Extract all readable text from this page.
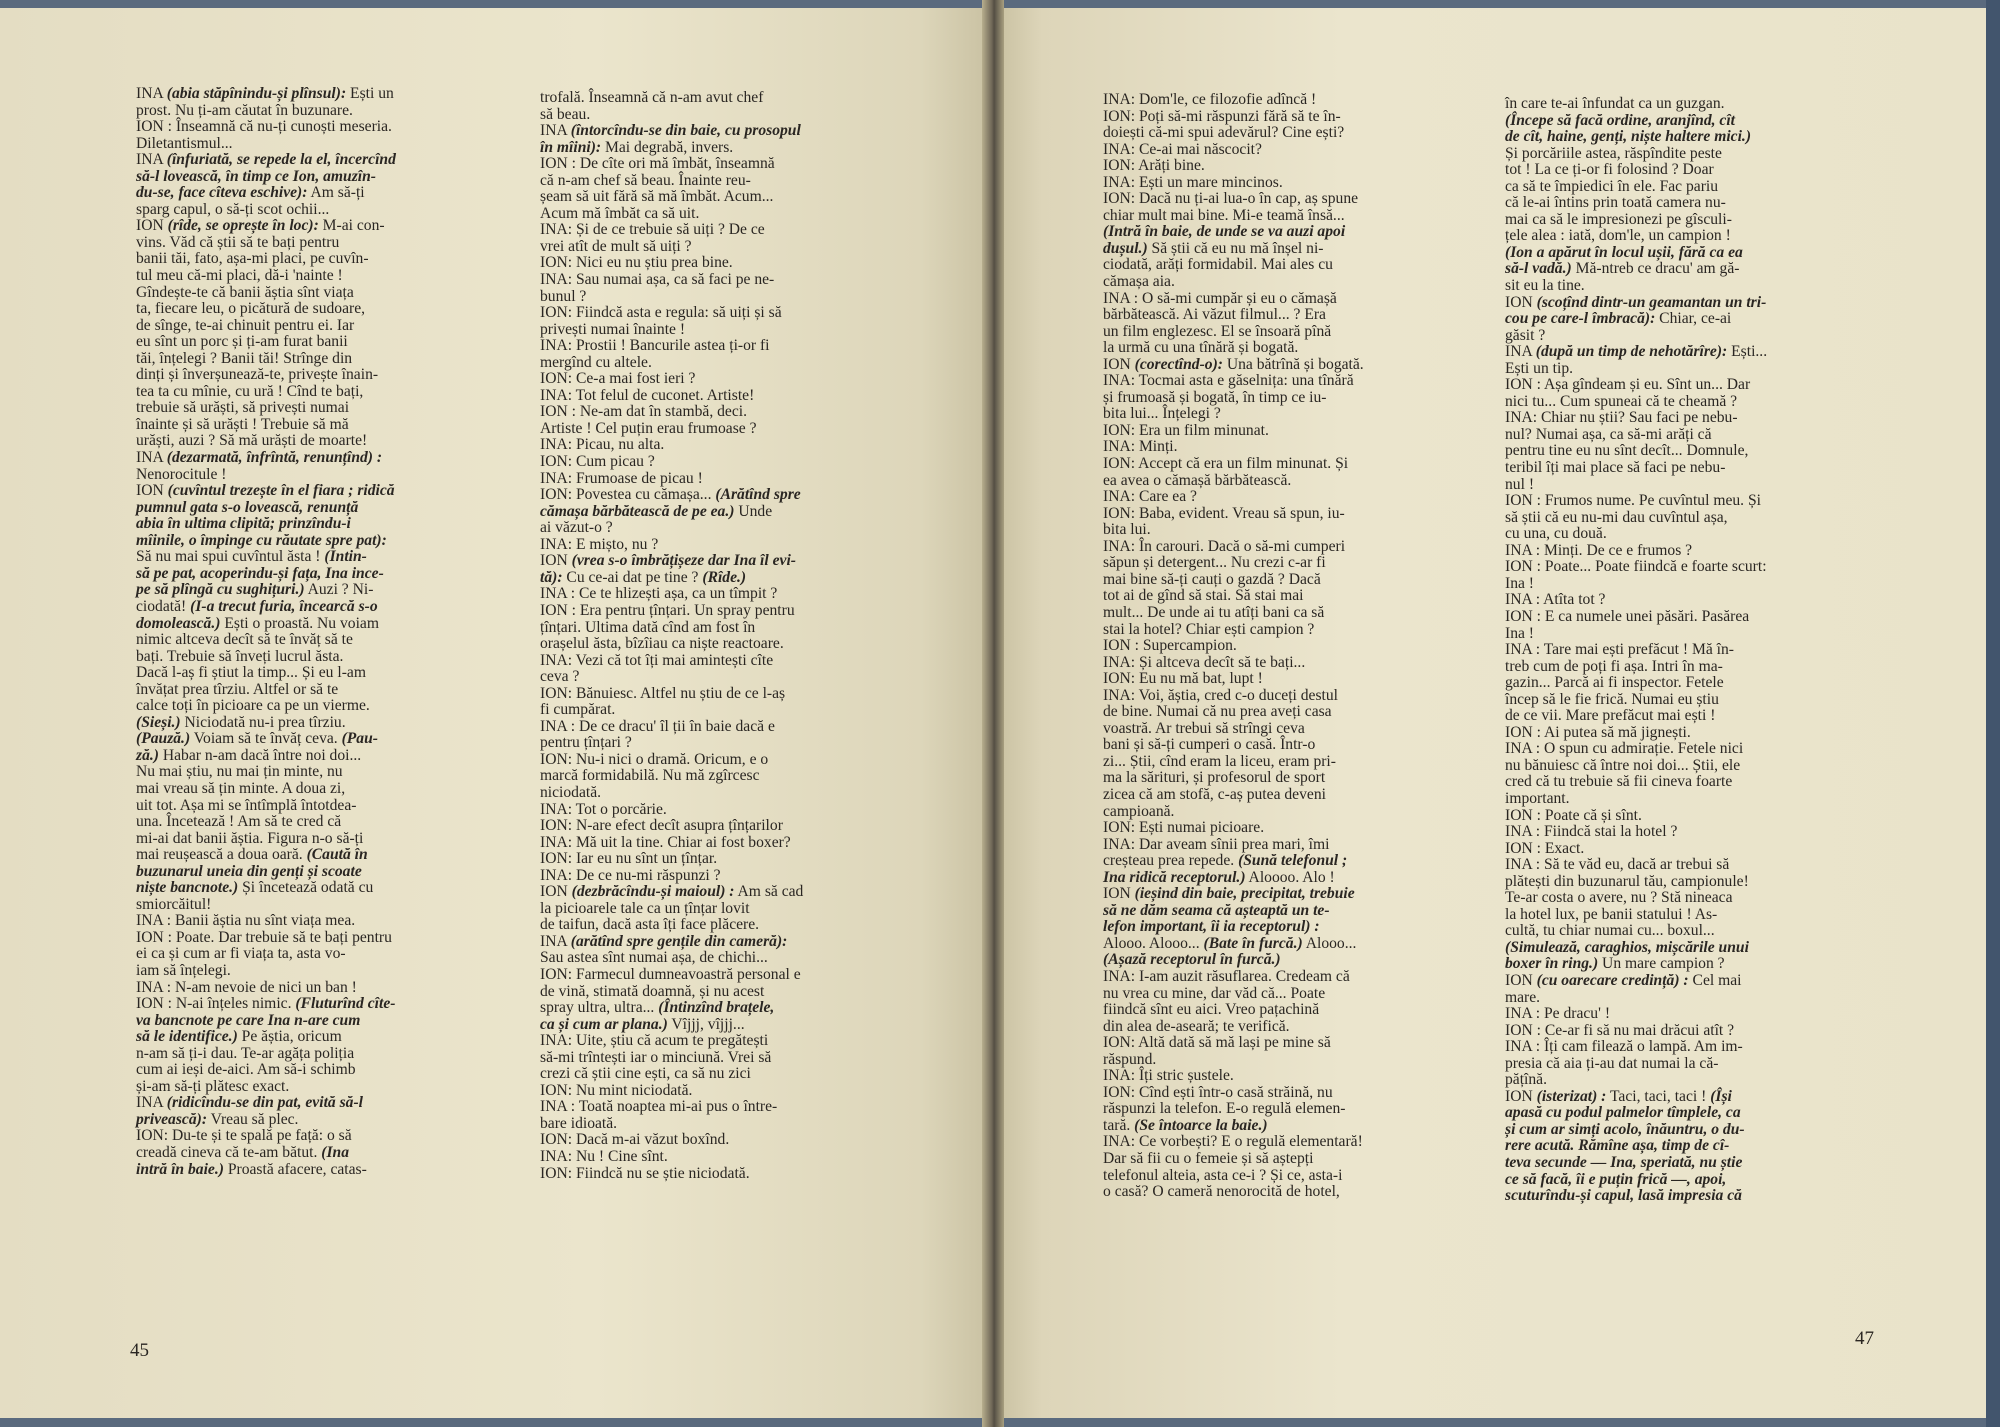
INA (abia stăpînindu-și plînsul): Ești un

prost. Nu ți-am căutat în buzunare.

ION : Înseamnă că nu-ți cunoști meseria.

Diletantismul...

INA (înfuriată, se repede la el, încercînd

să-l lovească, în timp ce Ion, amuzîn-

du-se, face cîteva eschive): Am să-ți

sparg capul, o să-ți scot ochii...

ION (rîde, se oprește în loc): M-ai con-

vins. Văd că știi să te bați pentru

banii tăi, fato, așa-mi placi, pe cuvîn-

tul meu că-mi placi, dă-i 'nainte !

Gîndește-te că banii ăștia sînt viața

ta, fiecare leu, o picătură de sudoare,

de sînge, te-ai chinuit pentru ei. Iar

eu sînt un porc și ți-am furat banii

tăi, înțelegi ? Banii tăi! Strînge din

dinți și înverșunează-te, privește înain-

tea ta cu mînie, cu ură ! Cînd te bați,

trebuie să urăști, să privești numai

înainte și să urăști ! Trebuie să mă

urăști, auzi ? Să mă urăști de moarte!

INA (dezarmată, înfrîntă, renunțînd) :

Nenorocitule !

ION (cuvîntul trezește în el fiara ; ridică

pumnul gata s-o lovească, renunță

abia în ultima clipită; prinzîndu-i

mîinile, o împinge cu răutate spre pat):

Să nu mai spui cuvîntul ăsta ! (Intin-

să pe pat, acoperindu-și fața, Ina ince-

pe să plîngă cu sughițuri.) Auzi ? Ni-

ciodată! (I-a trecut furia, încearcă s-o

domolească.) Ești o proastă. Nu voiam

nimic altceva decît să te învăț să te

bați. Trebuie să înveți lucrul ăsta.

Dacă l-aș fi știut la timp... Și eu l-am

învățat prea tîrziu. Altfel or să te

calce toți în picioare ca pe un vierme.

(Sieși.) Niciodată nu-i prea tîrziu.

(Pauză.) Voiam să te învăț ceva. (Pau-

ză.) Habar n-am dacă între noi doi...

Nu mai știu, nu mai țin minte, nu

mai vreau să țin minte. A doua zi,

uit tot. Așa mi se întîmplă întotdea-

una. Încetează ! Am să te cred că

mi-ai dat banii ăștia. Figura n-o să-ți

mai reușească a doua oară. (Caută în

buzunarul uneia din genți și scoate

niște bancnote.) Și încetează odată cu

smiorcăitul!

INA : Banii ăștia nu sînt viața mea.

ION : Poate. Dar trebuie să te bați pentru

ei ca și cum ar fi viața ta, asta vo-

iam să înțelegi.

INA : N-am nevoie de nici un ban !

ION : N-ai înțeles nimic. (Fluturînd cîte-

va bancnote pe care Ina n-are cum

să le identifice.) Pe ăștia, oricum

n-am să ți-i dau. Te-ar agăța poliția

cum ai ieși de-aici. Am să-i schimb

și-am să-ți plătesc exact.

INA (ridicîndu-se din pat, evită să-l

privească): Vreau să plec.

ION: Du-te și te spală pe față: o să

creadă cineva că te-am bătut. (Ina

intră în baie.) Proastă afacere, catas-

trofală. Înseamnă că n-am avut chef

să beau.

INA (întorcîndu-se din baie, cu prosopul

în mîini): Mai degrabă, invers.

ION : De cîte ori mă îmbăt, înseamnă

că n-am chef să beau. Înainte reu-

șeam să uit fără să mă îmbăt. Acum...

Acum mă îmbăt ca să uit.

INA: Și de ce trebuie să uiți ? De ce

vrei atît de mult să uiți ?

ION: Nici eu nu știu prea bine.

INA: Sau numai așa, ca să faci pe ne-

bunul ?

ION: Fiindcă asta e regula: să uiți și să

privești numai înainte !

INA: Prostii ! Bancurile astea ți-or fi

mergînd cu altele.

ION: Ce-a mai fost ieri ?

INA: Tot felul de cuconet. Artiste!

ION : Ne-am dat în stambă, deci.

Artiste ! Cel puțin erau frumoase ?

INA: Picau, nu alta.

ION: Cum picau ?

INA: Frumoase de picau !

ION: Povestea cu cămașa... (Arătînd spre

cămașa bărbătească de pe ea.) Unde

ai văzut-o ?

INA: E mișto, nu ?

ION (vrea s-o îmbrățișeze dar Ina îl evi-

tă): Cu ce-ai dat pe tine ? (Rîde.)

INA : Ce te hlizești așa, ca un tîmpit ?

ION : Era pentru țînțari. Un spray pentru

țînțari. Ultima dată cînd am fost în

orașelul ăsta, bîzîiau ca niște reactoare.

INA: Vezi că tot îți mai amintești cîte

ceva ?

ION: Bănuiesc. Altfel nu știu de ce l-aș

fi cumpărat.

INA : De ce dracu' îl ții în baie dacă e

pentru țînțari ?

ION: Nu-i nici o dramă. Oricum, e o

marcă formidabilă. Nu mă zgîrcesc

niciodată.

INA: Tot o porcărie.

ION: N-are efect decît asupra țînțarilor

INA: Mă uit la tine. Chiar ai fost boxer?

ION: Iar eu nu sînt un țînțar.

INA: De ce nu-mi răspunzi ?

ION (dezbrăcîndu-și maioul) : Am să cad

la picioarele tale ca un țînțar lovit

de taifun, dacă asta îți face plăcere.

INA (arătînd spre gențile din cameră):

Sau astea sînt numai așa, de chichi...

ION: Farmecul dumneavoastră personal e

de vină, stimată doamnă, și nu acest

spray ultra, ultra... (Întinzînd brațele,

ca și cum ar plana.) Vîjjj, vîjjj...

INA: Uite, știu că acum te pregătești

să-mi trîntești iar o minciună. Vrei să

crezi că știi cine ești, ca să nu zici

ION: Nu mint niciodată.

INA : Toată noaptea mi-ai pus o între-

bare idioată.

ION: Dacă m-ai văzut boxînd.

INA: Nu ! Cine sînt.

ION: Fiindcă nu se știe niciodată.

INA: Dom'le, ce filozofie adîncă !

ION: Poți să-mi răspunzi fără să te în-

doiești că-mi spui adevărul? Cine ești?

INA: Ce-ai mai născocit?

ION: Arăți bine.

INA: Ești un mare mincinos.

ION: Dacă nu ți-ai lua-o în cap, aș spune

chiar mult mai bine. Mi-e teamă însă...

(Intră în baie, de unde se va auzi apoi

dușul.) Să știi că eu nu mă înșel ni-

ciodată, arăți formidabil. Mai ales cu

cămașa aia.

INA : O să-mi cumpăr și eu o cămașă

bărbătească. Ai văzut filmul... ? Era

un film englezesc. El se însoară pînă

la urmă cu una tînără și bogată.

ION (corectînd-o): Una bătrînă și bogată.

INA: Tocmai asta e găselnița: una tînără

și frumoasă și bogată, în timp ce iu-

bita lui... Înțelegi ?

ION: Era un film minunat.

INA: Minți.

ION: Accept că era un film minunat. Și

ea avea o cămașă bărbătească.

INA: Care ea ?

ION: Baba, evident. Vreau să spun, iu-

bita lui.

INA: În carouri. Dacă o să-mi cumperi

săpun și detergent... Nu crezi c-ar fi

mai bine să-ți cauți o gazdă ? Dacă

tot ai de gînd să stai. Să stai mai

mult... De unde ai tu atîți bani ca să

stai la hotel? Chiar ești campion ?

ION : Supercampion.

INA: Și altceva decît să te bați...

ION: Eu nu mă bat, lupt !

INA: Voi, ăștia, cred c-o duceți destul

de bine. Numai că nu prea aveți casa

voastră. Ar trebui să strîngi ceva

bani și să-ți cumperi o casă. Într-o

zi... Știi, cînd eram la liceu, eram pri-

ma la sărituri, și profesorul de sport

zicea că am stofă, c-aș putea deveni

campioană.

ION: Ești numai picioare.

INA: Dar aveam sînii prea mari, îmi

creșteau prea repede. (Sună telefonul ;

Ina ridică receptorul.) Aloooo. Alo !

ION (ieșind din baie, precipitat, trebuie

să ne dăm seama că așteaptă un te-

lefon important, îi ia receptorul) :

Alooo. Alooo... (Bate în furcă.) Alooo...

(Așază receptorul în furcă.)

INA: I-am auzit răsuflarea. Credeam că

nu vrea cu mine, dar văd că... Poate

fiindcă sînt eu aici. Vreo pațachină

din alea de-aseară; te verifică.

ION: Altă dată să mă lași pe mine să

răspund.

INA: Îți stric șustele.

ION: Cînd ești într-o casă străină, nu

răspunzi la telefon. E-o regulă elemen-

tară. (Se întoarce la baie.)

INA: Ce vorbești? E o regulă elementară!

Dar să fii cu o femeie și să aștepți

telefonul alteia, asta ce-i ? Și ce, asta-i

o casă? O cameră nenorocită de hotel,

în care te-ai înfundat ca un guzgan.

(Începe să facă ordine, aranjînd, cît

de cît, haine, genți, niște haltere mici.)

Și porcăriile astea, răspîndite peste

tot ! La ce ți-or fi folosind ? Doar

ca să te împiedici în ele. Fac pariu

că le-ai întins prin toată camera nu-

mai ca să le impresionezi pe gîsculi-

țele alea : iată, dom'le, un campion !

(Ion a apărut în locul ușii, fără ca ea

să-l vadă.) Mă-ntreb ce dracu' am gă-

sit eu la tine.

ION (scoțînd dintr-un geamantan un tri-

cou pe care-l îmbracă): Chiar, ce-ai

găsit ?

INA (după un timp de nehotărîre): Ești...

Ești un tip.

ION : Așa gîndeam și eu. Sînt un... Dar

nici tu... Cum spuneai că te cheamă ?

INA: Chiar nu știi? Sau faci pe nebu-

nul? Numai așa, ca să-mi arăți că

pentru tine eu nu sînt decît... Domnule,

teribil îți mai place să faci pe nebu-

nul !

ION : Frumos nume. Pe cuvîntul meu. Și

să știi că eu nu-mi dau cuvîntul așa,

cu una, cu două.

INA : Minți. De ce e frumos ?

ION : Poate... Poate fiindcă e foarte scurt:

Ina !

INA : Atîta tot ?

ION : E ca numele unei păsări. Pasărea

Ina !

INA : Tare mai ești prefăcut ! Mă în-

treb cum de poți fi așa. Intri în ma-

gazin... Parcă ai fi inspector. Fetele

încep să le fie frică. Numai eu știu

de ce vii. Mare prefăcut mai ești !

ION : Ai putea să mă jignești.

INA : O spun cu admirație. Fetele nici

nu bănuiesc că între noi doi... Știi, ele

cred că tu trebuie să fii cineva foarte

important.

ION : Poate că și sînt.

INA : Fiindcă stai la hotel ?

ION : Exact.

INA : Să te văd eu, dacă ar trebui să

plătești din buzunarul tău, campionule!

Te-ar costa o avere, nu ? Stă nineaca

la hotel lux, pe banii statului ! As-

cultă, tu chiar numai cu... boxul...

(Simulează, caraghios, mișcările unui

boxer în ring.) Un mare campion ?

ION (cu oarecare credință) : Cel mai

mare.

INA : Pe dracu' !

ION : Ce-ar fi să nu mai drăcui atît ?

INA : Îți cam filează o lampă. Am im-

presia că aia ți-au dat numai la că-

pățînă.

ION (isterizat) : Taci, taci, taci ! (Își

apasă cu podul palmelor tîmplele, ca

și cum ar simți acolo, înăuntru, o du-

rere acută. Rămîne așa, timp de cî-

teva secunde — Ina, speriată, nu știe

ce să facă, îi e puțin frică —, apoi,

scuturîndu-și capul, lasă impresia că

45
47
